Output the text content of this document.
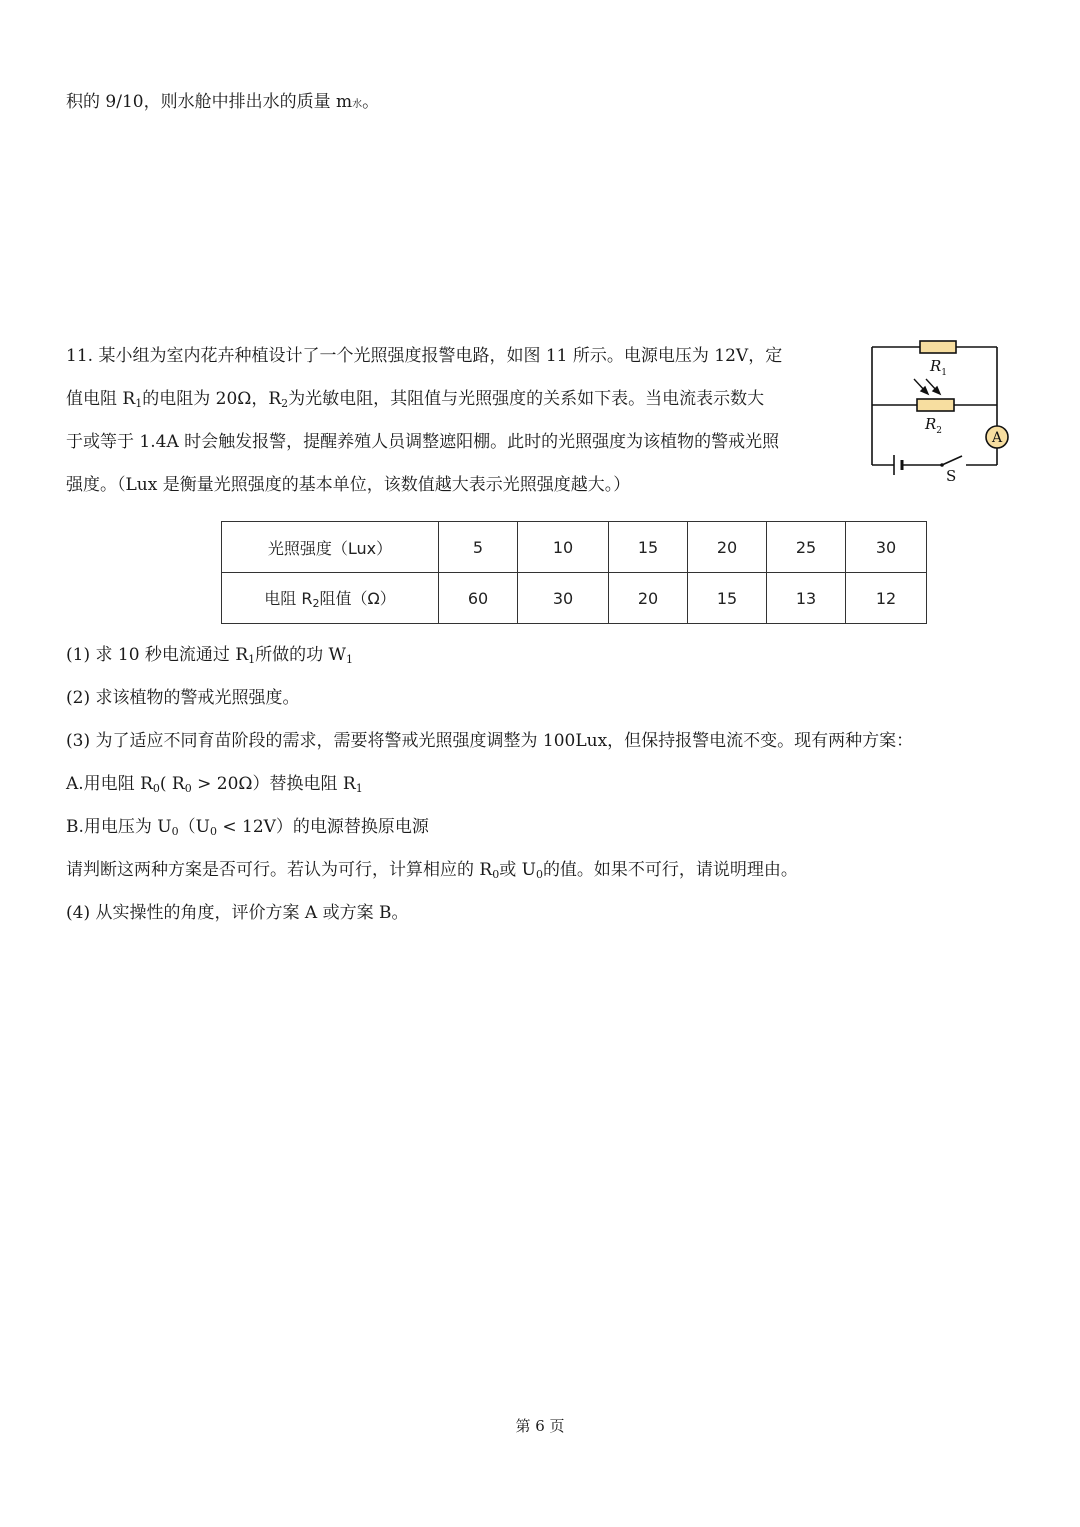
积的 9/10，则水舱中排出水的质量 m水。
11. 某小组为室内花卉种植设计了一个光照强度报警电路，如图 11 所示。电源电压为 12V，定
值电阻 $R_1$的电阻为 20Ω，$R_2$为光敏电阻，其阻值与光照强度的关系如下表。当电流表示数大
于或等于 1.4A 时会触发报警，提醒养殖人员调整遮阳棚。此时的光照强度为该植物的警戒光照
强度。（Lux 是衡量光照强度的基本单位，该数值越大表示光照强度越大。）
A
$R_1$
$R_2$
S
光照强度（Lux）	5	10	15	20	25	30
电阻 $R_2$阻值（Ω）	60	30	20	15	13	12
(1) 求 10 秒电流通过 $R_1$所做的功 $W_1$
(2) 求该植物的警戒光照强度。
(3) 为了适应不同育苗阶段的需求，需要将警戒光照强度调整为 100Lux，但保持报警电流不变。现有两种方案：
A.用电阻 $R_0$( $R_0 > 20\Omega$）替换电阻 $R_1$
B.用电压为 $U_0(U_0 < 12V)$的电源替换原电源
请判断这两种方案是否可行。若认为可行，计算相应的 $R_0$或 $U_0$的值。如果不可行，请说明理由。
(4) 从实操性的角度，评价方案 A 或方案 B。
第 6 页
